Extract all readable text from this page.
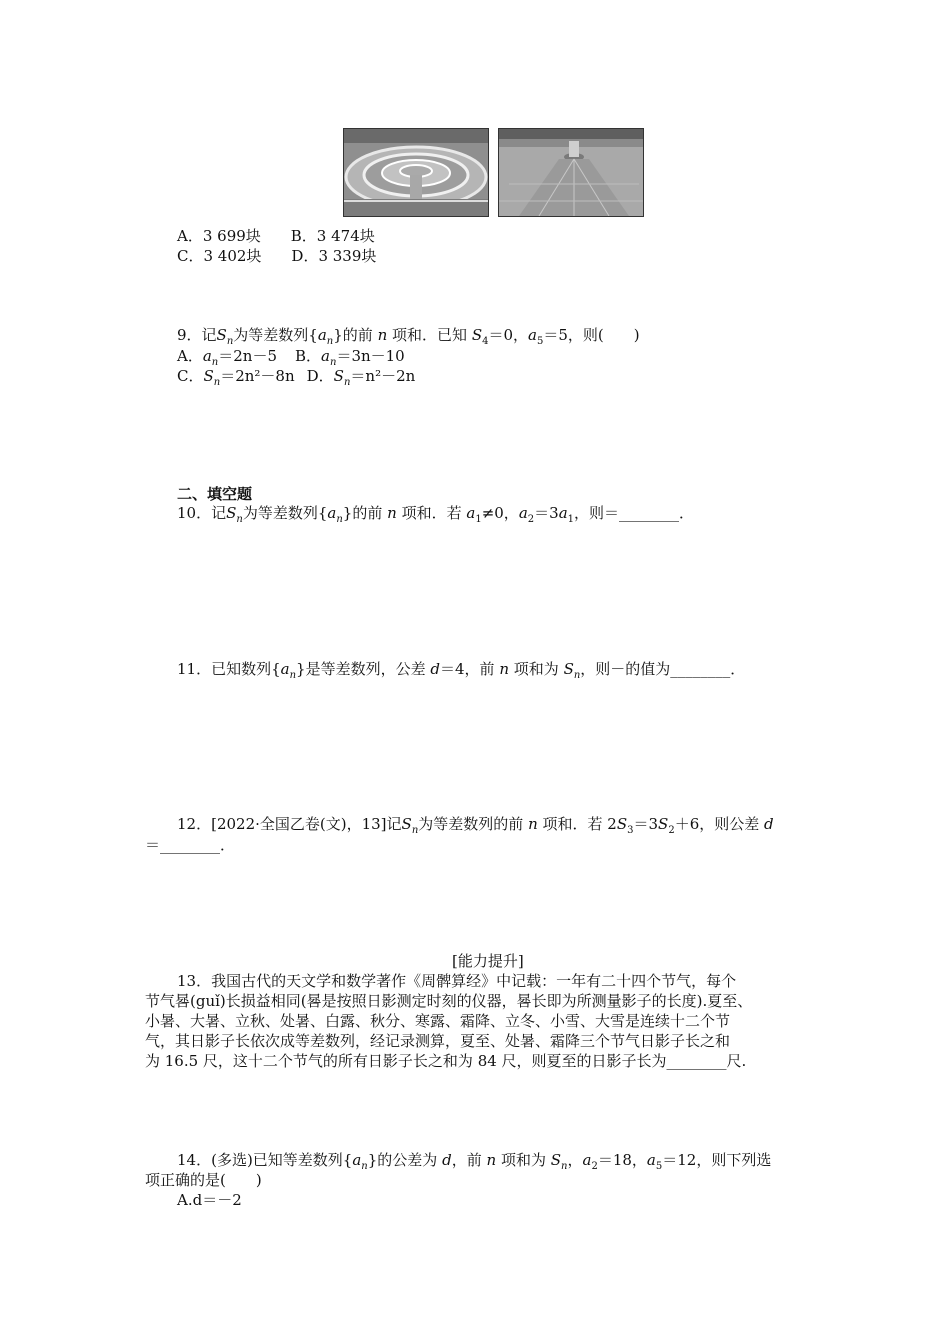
A．3 699块 B．3 474块
C．3 402块 D．3 339块
9．记$S_n$为等差数列$\{a_n\}$的前 n 项和．已知 $S_4=0$，$a_5=5$，则(　　)
A．$a_n=2n-5$ B．$a_n=3n-10$
C．$S_n=2n^2-8n$ D．$S_n=n^2-2n$
二、填空题
10．记$S_n$为等差数列$\{a_n\}$的前 n 项和．若 $a_1\ne 0$，$a_2=3a_1$，则＝________．
11．已知数列$\{a_n\}$是等差数列，公差 d＝4，前 n 项和为 $S_n$，则－的值为________．
12．[2022·全国乙卷(文)，13]记$S_n$为等差数列的前 n 项和．若 $2S_3=3S_2+6$，则公差 d
＝________．
[能力提升]
13．我国古代的天文学和数学著作《周髀算经》中记载：一年有二十四个节气，每个
节气晷(guǐ)长损益相同(晷是按照日影测定时刻的仪器，晷长即为所测量影子的长度).夏至、
小暑、大暑、立秋、处暑、白露、秋分、寒露、霜降、立冬、小雪、大雪是连续十二个节
气，其日影子长依次成等差数列，经记录测算，夏至、处暑、霜降三个节气日影子长之和
为 16.5 尺，这十二个节气的所有日影子长之和为 84 尺，则夏至的日影子长为________尺.
14．(多选)已知等差数列$\{a_n\}$的公差为 d，前 n 项和为 $S_n$，$a_2=18$，$a_5=12$，则下列选
项正确的是(　　)
A.d＝－2
